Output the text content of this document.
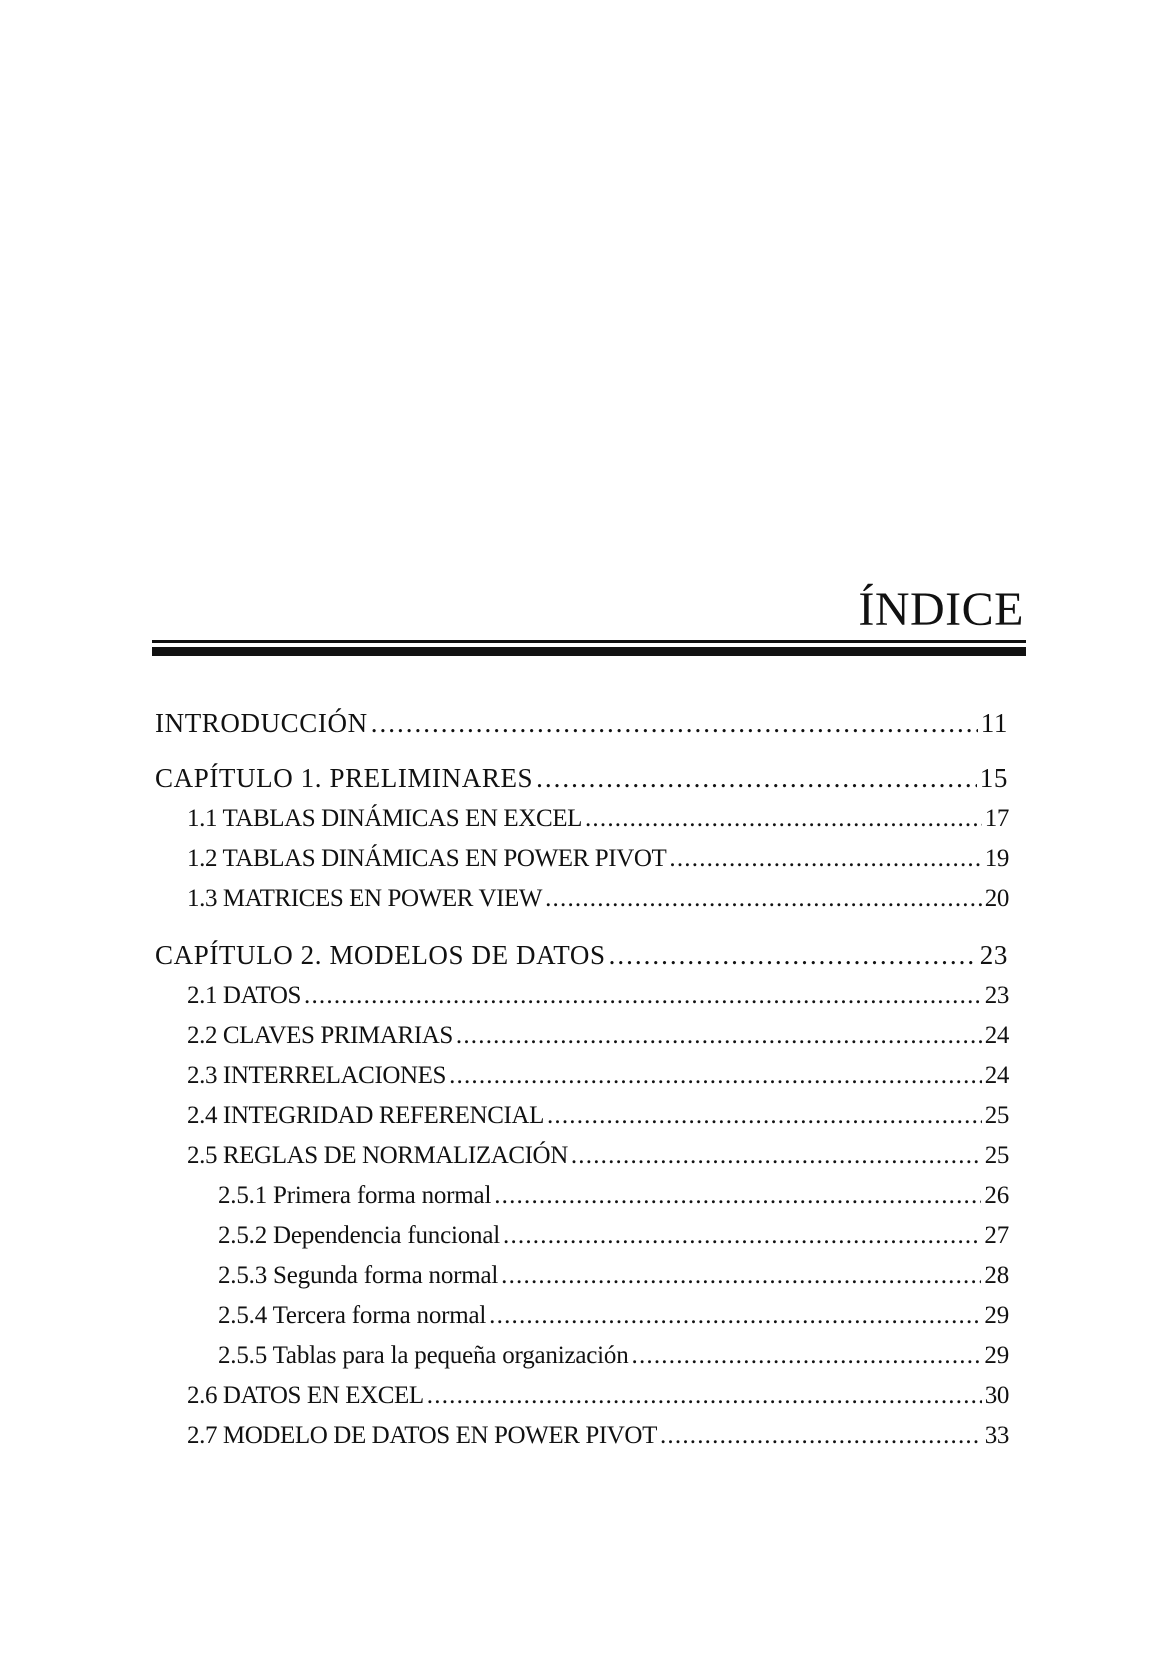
ÍNDICE
INTRODUCCIÓN .....	11
CAPÍTULO 1. PRELIMINARES .....	15
1.1 TABLAS DINÁMICAS EN EXCEL .....	17
1.2 TABLAS DINÁMICAS EN POWER PIVOT .....	19
1.3 MATRICES EN POWER VIEW .....	20
CAPÍTULO 2. MODELOS DE DATOS .....	23
2.1 DATOS .....	23
2.2 CLAVES PRIMARIAS .....	24
2.3 INTERRELACIONES .....	24
2.4 INTEGRIDAD REFERENCIAL .....	25
2.5 REGLAS DE NORMALIZACIÓN .....	25
2.5.1 Primera forma normal .....	26
2.5.2 Dependencia funcional .....	27
2.5.3 Segunda forma normal .....	28
2.5.4 Tercera forma normal .....	29
2.5.5 Tablas para la pequeña organización .....	29
2.6 DATOS EN EXCEL .....	30
2.7 MODELO DE DATOS EN POWER PIVOT .....	33
